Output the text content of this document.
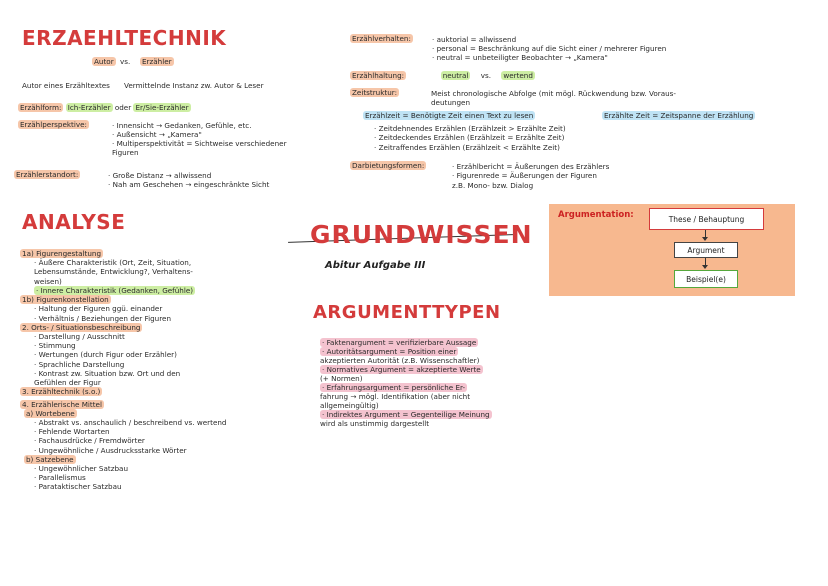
ERZAEHLTECHNIK
Autor vs. Erzähler
Autor eines Erzähltextes Vermittelnde Instanz zw. Autor & Leser
Erzählform: Ich-Erzähler oder Er/Sie-Erzähler
Erzählperspektive:	· Innensicht → Gedanken, Gefühle, etc.
· Außensicht → „Kamera"
· Multiperspektivität = Sichtweise verschiedener
Figuren
Erzählerstandort:	· Große Distanz → allwissend
· Nah am Geschehen → eingeschränkte Sicht
Erzählverhalten:	· auktorial = allwissend
· personal = Beschränkung auf die Sicht einer / mehrerer Figuren
· neutral = unbeteiligter Beobachter → „Kamera"
Erzählhaltung:	neutral vs. wertend
Zeitstruktur:	Meist chronologische Abfolge (mit mögl. Rückwendung bzw. Voraus-
deutungen
Erzählzeit = Benötigte Zeit einen Text zu lesen	Erzählte Zeit = Zeitspanne der Erzählung
· Zeitdehnendes Erzählen (Erzählzeit > Erzählte Zeit)
· Zeitdeckendes Erzählen (Erzählzeit = Erzählte Zeit)
· Zeitraffendes Erzählen (Erzählzeit < Erzählte Zeit)
Darbietungsformen:	· Erzählbericht = Äußerungen des Erzählers
· Figurenrede = Äußerungen der Figuren
z.B. Mono- bzw. Dialog
ANALYSE
1a) Figurengestaltung
· Äußere Charakteristik (Ort, Zeit, Situation,
Lebensumstände, Entwicklung?, Verhaltens-
weisen)
· Innere Charakteristik (Gedanken, Gefühle)
1b) Figurenkonstellation
· Haltung der Figuren ggü. einander
· Verhältnis / Beziehungen der Figuren
2. Orts- / Situationsbeschreibung
· Darstellung / Ausschnitt
· Stimmung
· Wertungen (durch Figur oder Erzähler)
· Sprachliche Darstellung
· Kontrast zw. Situation bzw. Ort und den
Gefühlen der Figur
3. Erzähltechnik (s.o.)
4. Erzählerische Mittel
a) Wortebene
· Abstrakt vs. anschaulich / beschreibend vs. wertend
· Fehlende Wortarten
· Fachausdrücke / Fremdwörter
· Ungewöhnliche / Ausdrucksstarke Wörter
b) Satzebene
· Ungewöhnlicher Satzbau
· Parallelismus
· Parataktischer Satzbau
GRUNDWISSEN
Abitur Aufgabe III
ARGUMENTTYPEN
· Faktenargument = verifizierbare Aussage
· Autoritätsargument = Position einer
akzeptierten Autorität (z.B. Wissenschaftler)
· Normatives Argument = akzeptierte Werte
(+ Normen)
· Erfahrungsargument = persönliche Er-
fahrung → mögl. Identifikation (aber nicht
allgemeingültig)
· Indirektes Argument = Gegenteilige Meinung
wird als unstimmig dargestellt
Argumentation:	These / Behauptung
Argument
Beispiel(e)
